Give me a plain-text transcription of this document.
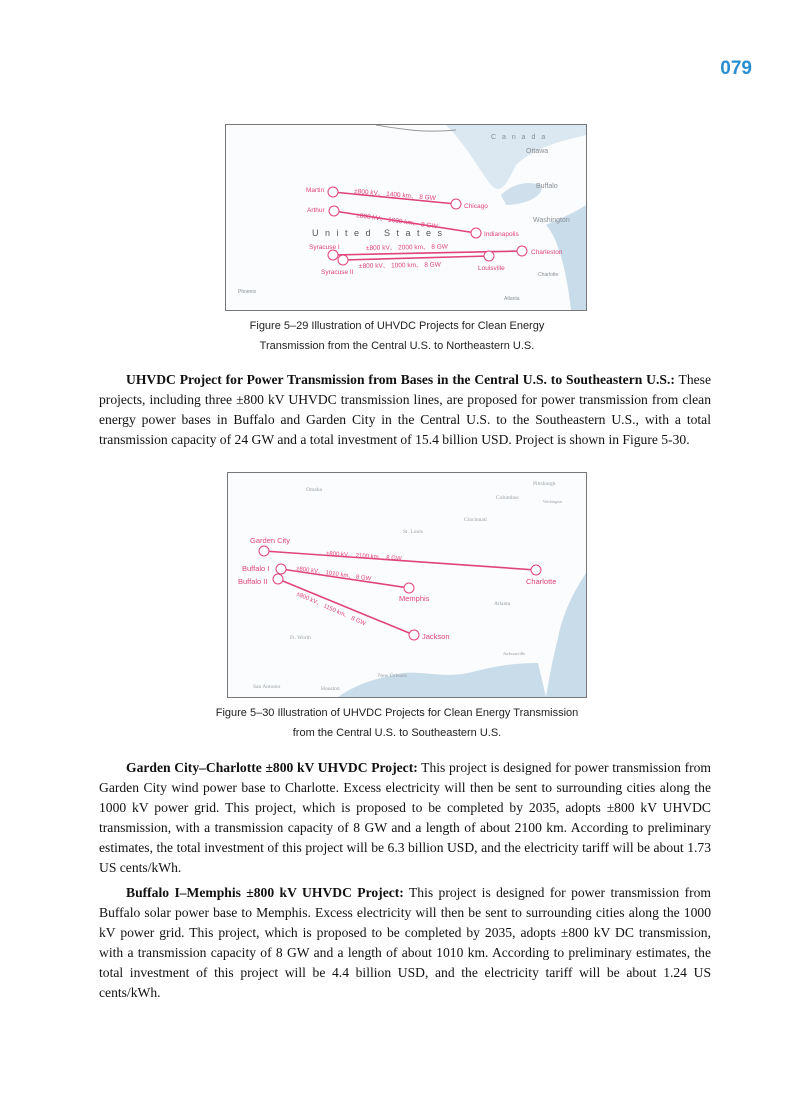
079
C a n a d a
Ottawa
Buffalo
Washington
Charlotte
Phoenix
Atlanta
U n i t e d S t a t e s
Martin
Chicago
Arthur
Indianapolis
Syracuse I
Syracuse II
Charleston
Louisville
±800 kV、 1400 km、 8 GW
±800 kV、 1600 km、 8 GW
±800 kV、 2000 km、 8 GW
±800 kV、 1000 km、 8 GW
Figure 5–29 Illustration of UHVDC Projects for Clean Energy
Transmission from the Central U.S. to Northeastern U.S.

UHVDC Project for Power Transmission from Bases in the Central U.S. to Southeastern U.S.: These projects, including three ±800 kV UHVDC transmission lines, are proposed for power transmission from clean energy power bases in Buffalo and Garden City in the Central U.S. to the Southeastern U.S., with a total transmission capacity of 24 GW and a total investment of 15.4 billion USD. Project is shown in Figure 5-30.

Omaha
Pittsburgh
Columbus
Washington
Cincinnati
St. Louis
Atlanta
Ft. Worth
Jacksonville
New Orleans
San Antonio	Houston
Garden City
Buffalo I
Buffalo II	Charlotte
Memphis
Jackson
±800 kV、 2100 km、 8 GW
±800 kV、 1010 km、 8 GW
±800 kV、 1150 km、 8 GW
Figure 5–30 Illustration of UHVDC Projects for Clean Energy Transmission
from the Central U.S. to Southeastern U.S.

Garden City–Charlotte ±800 kV UHVDC Project: This project is designed for power transmission from Garden City wind power base to Charlotte. Excess electricity will then be sent to surrounding cities along the 1000 kV power grid. This project, which is proposed to be completed by 2035, adopts ±800 kV UHVDC transmission, with a transmission capacity of 8 GW and a length of about 2100 km. According to preliminary estimates, the total investment of this project will be 6.3 billion USD, and the electricity tariff will be about 1.73 US cents/kWh.

Buffalo I–Memphis ±800 kV UHVDC Project: This project is designed for power transmission from Buffalo solar power base to Memphis. Excess electricity will then be sent to surrounding cities along the 1000 kV power grid. This project, which is proposed to be completed by 2035, adopts ±800 kV DC transmission, with a transmission capacity of 8 GW and a length of about 1010 km. According to preliminary estimates, the total investment of this project will be 4.4 billion USD, and the electricity tariff will be about 1.24 US cents/kWh.
